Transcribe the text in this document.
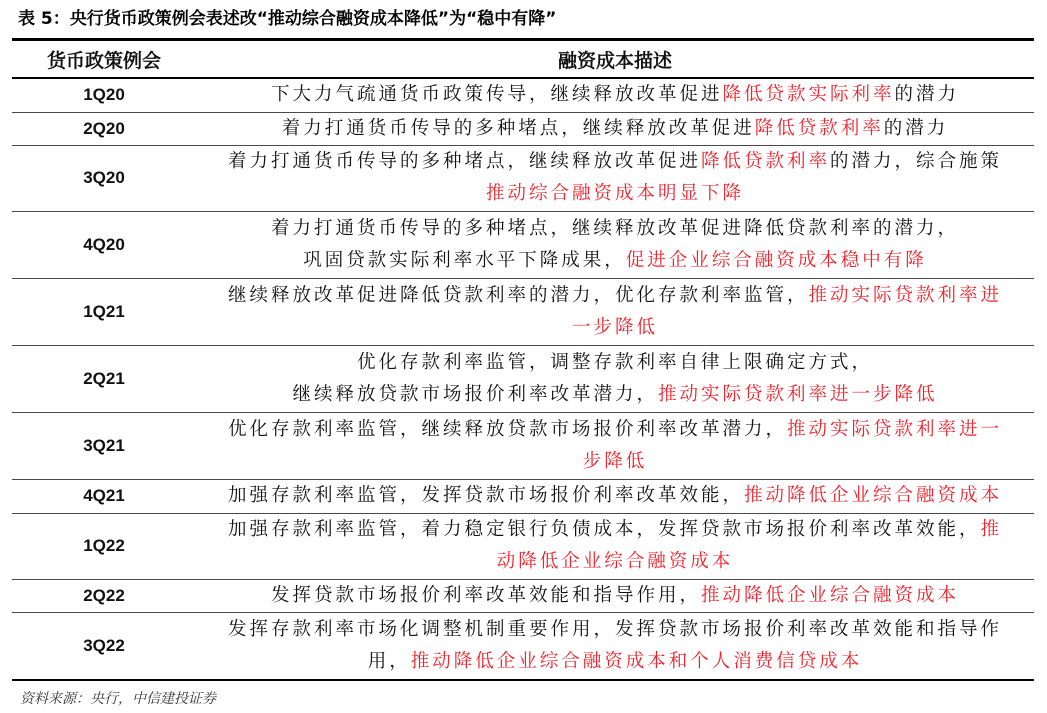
表 5：央行货币政策例会表述改“推动综合融资成本降低”为“稳中有降”
货币政策例会	融资成本描述
1Q20	下大力气疏通货币政策传导，继续释放改革促进降低贷款实际利率的潜力

2Q20	着力打通货币传导的多种堵点，继续释放改革促进降低贷款利率的潜力

3Q20	着力打通货币传导的多种堵点，继续释放改革促进降低贷款利率的潜力，综合施策
推动综合融资成本明显下降

4Q20	着力打通货币传导的多种堵点，继续释放改革促进降低贷款利率的潜力，
巩固贷款实际利率水平下降成果，促进企业综合融资成本稳中有降

1Q21	继续释放改革促进降低贷款利率的潜力，优化存款利率监管，推动实际贷款利率进
一步降低

2Q21	优化存款利率监管，调整存款利率自律上限确定方式，
继续释放贷款市场报价利率改革潜力，推动实际贷款利率进一步降低

3Q21	优化存款利率监管，继续释放贷款市场报价利率改革潜力，推动实际贷款利率进一
步降低

4Q21	加强存款利率监管，发挥贷款市场报价利率改革效能，推动降低企业综合融资成本

1Q22	加强存款利率监管，着力稳定银行负债成本，发挥贷款市场报价利率改革效能，推
动降低企业综合融资成本

2Q22	发挥贷款市场报价利率改革效能和指导作用，推动降低企业综合融资成本

3Q22	发挥存款利率市场化调整机制重要作用，发挥贷款市场报价利率改革效能和指导作
用，推动降低企业综合融资成本和个人消费信贷成本
资料来源：央行，中信建投证券
